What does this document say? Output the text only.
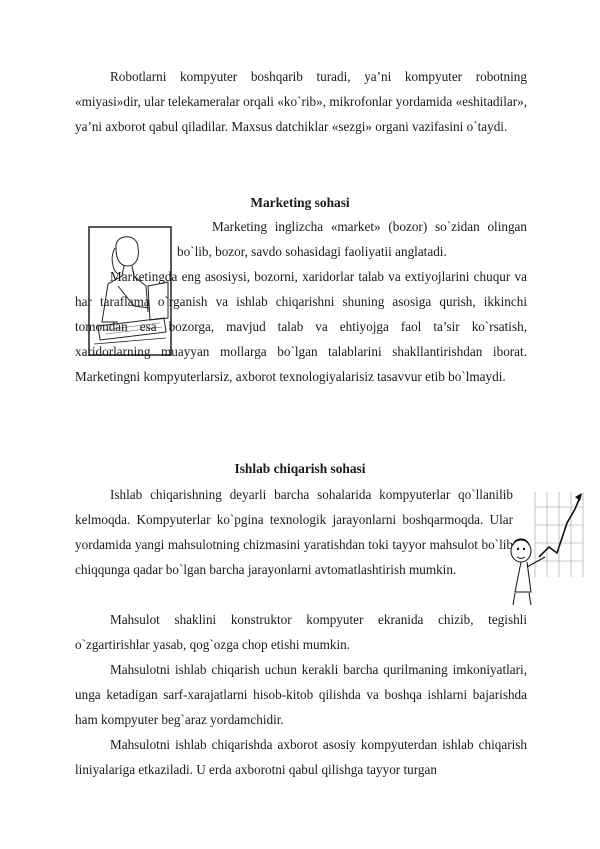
Robotlarni kompyuter boshqarib turadi, ya’ni kompyuter robotning «miyasi»dir, ular telekameralar orqali «ko`rib», mikrofonlar yordamida «eshitadilar», ya’ni axborot qabul qiladilar. Maxsus datchiklar «sezgi» organi vazifasini o`taydi.

Marketing sohasi

Marketing inglizcha «market» (bozor) so`zidan olingan bo`lib, bozor, savdo sohasidagi faoliyatii anglatadi.

Marketingda eng asosiysi, bozorni, xaridorlar talab va extiyojlarini chuqur va har taraflama o`rganish va ishlab chiqarishni shuning asosiga qurish, ikkinchi tomondan esa bozorga, mavjud talab va ehtiyojga faol ta’sir ko`rsatish, xaridorlarning muayyan mollarga bo`lgan talablarini shakllantirishdan iborat. Marketingni kompyuterlarsiz, axborot texnologiyalarisiz tasavvur etib bo`lmaydi.

Ishlab chiqarish sohasi

Ishlab chiqarishning deyarli barcha sohalarida kompyuterlar qo`llanilib kelmoqda. Kompyuterlar ko`pgina texnologik jarayonlarni boshqarmoqda. Ular yordamida yangi mahsulotning chizmasini yaratishdan toki tayyor mahsulot bo`lib chiqqunga qadar bo`lgan barcha jarayonlarni avtomatlashtirish mumkin.

Mahsulot shaklini konstruktor kompyuter ekranida chizib, tegishli o`zgartirishlar yasab, qog`ozga chop etishi mumkin.

Mahsulotni ishlab chiqarish uchun kerakli barcha qurilmaning imkoniyatlari, unga ketadigan sarf-xarajatlarni hisob-kitob qilishda va boshqa ishlarni bajarishda ham kompyuter beg`araz yordamchidir.

Mahsulotni ishlab chiqarishda axborot asosiy kompyuterdan ishlab chiqarish liniyalariga etkaziladi. U erda axborotni qabul qilishga tayyor turgan
